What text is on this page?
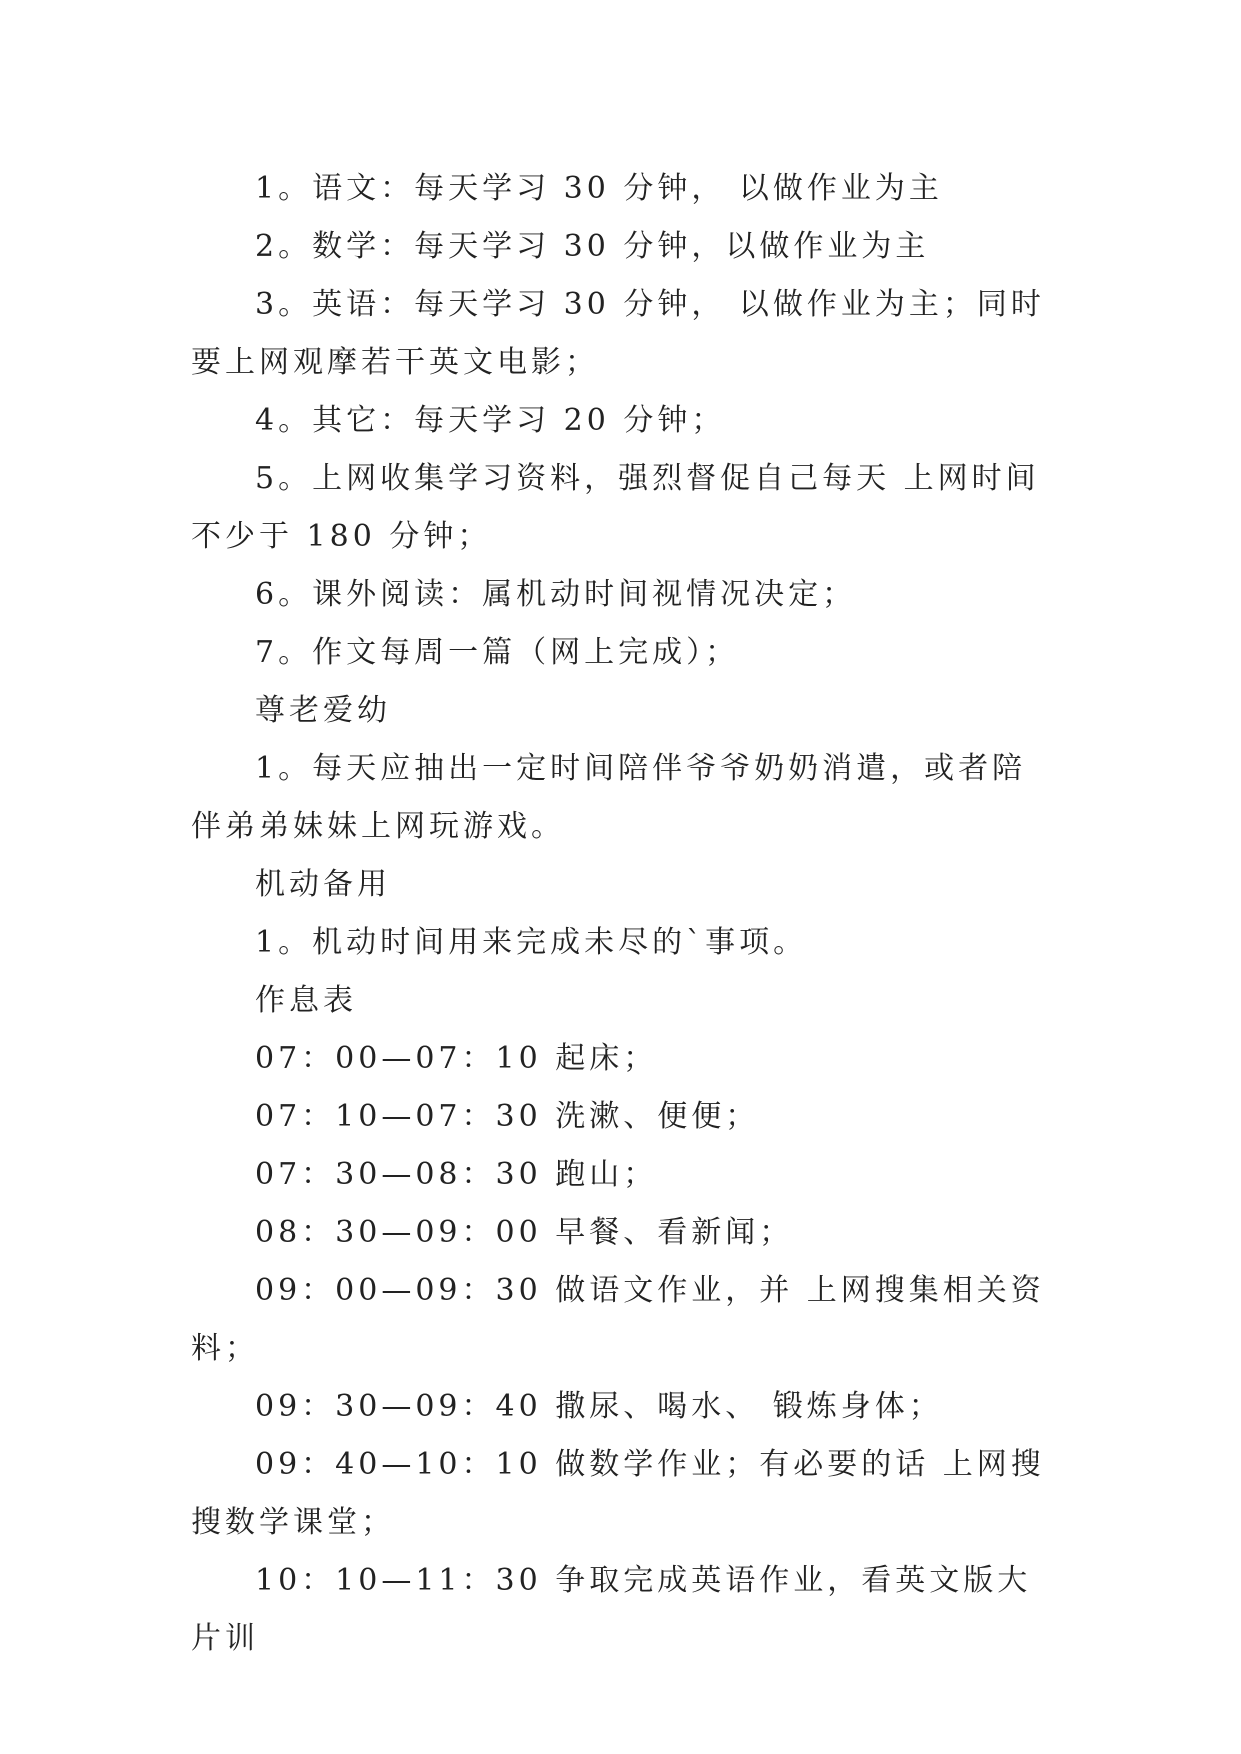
1。语文：每天学习 30 分钟， 以做作业为主

2。数学：每天学习 30 分钟，以做作业为主

3。英语：每天学习 30 分钟， 以做作业为主；同时要上网观摩若干英文电影；

4。其它：每天学习 20 分钟；

5。上网收集学习资料，强烈督促自己每天 上网时间不少于 180 分钟；

6。课外阅读：属机动时间视情况决定；

7。作文每周一篇（网上完成）；

尊老爱幼

1。每天应抽出一定时间陪伴爷爷奶奶消遣，或者陪伴弟弟妹妹上网玩游戏。

机动备用

1。机动时间用来完成未尽的`事项。

作息表

07：00—07：10 起床；

07：10—07：30 洗漱、便便；

07：30—08：30 跑山；

08：30—09：00 早餐、看新闻；

09：00—09：30 做语文作业，并 上网搜集相关资料；

09：30—09：40 撒尿、喝水、 锻炼身体；

09：40—10：10 做数学作业；有必要的话 上网搜搜数学课堂；

10：10—11：30 争取完成英语作业，看英文版大片训
